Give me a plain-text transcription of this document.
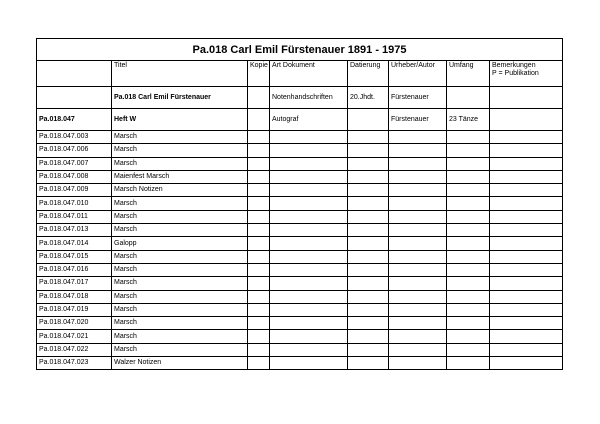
Pa.018 Carl Emil Fürstenauer 1891 - 1975							
	Titel	Kopie	Art Dokument	Datierung	Urheber/Autor	Umfang	Bemerkungen
P = Publikation

	Pa.018 Carl Emil Fürstenauer		Notenhandschriften	20.Jhdt.	Fürstenauer		
Pa.018.047	Heft W		Autograf		Fürstenauer	23 Tänze	
Pa.018.047.003	Marsch						
Pa.018.047.006	Marsch						
Pa.018.047.007	Marsch						
Pa.018.047.008	Maienfest Marsch						
Pa.018.047.009	Marsch Notizen						
Pa.018.047.010	Marsch						
Pa.018.047.011	Marsch						
Pa.018.047.013	Marsch						
Pa.018.047.014	Galopp						
Pa.018.047.015	Marsch						
Pa.018.047.016	Marsch						
Pa.018.047.017	Marsch						
Pa.018.047.018	Marsch						
Pa.018.047.019	Marsch						
Pa.018.047.020	Marsch						
Pa.018.047.021	Marsch						
Pa.018.047.022	Marsch						
Pa.018.047.023	Walzer Notizen						
